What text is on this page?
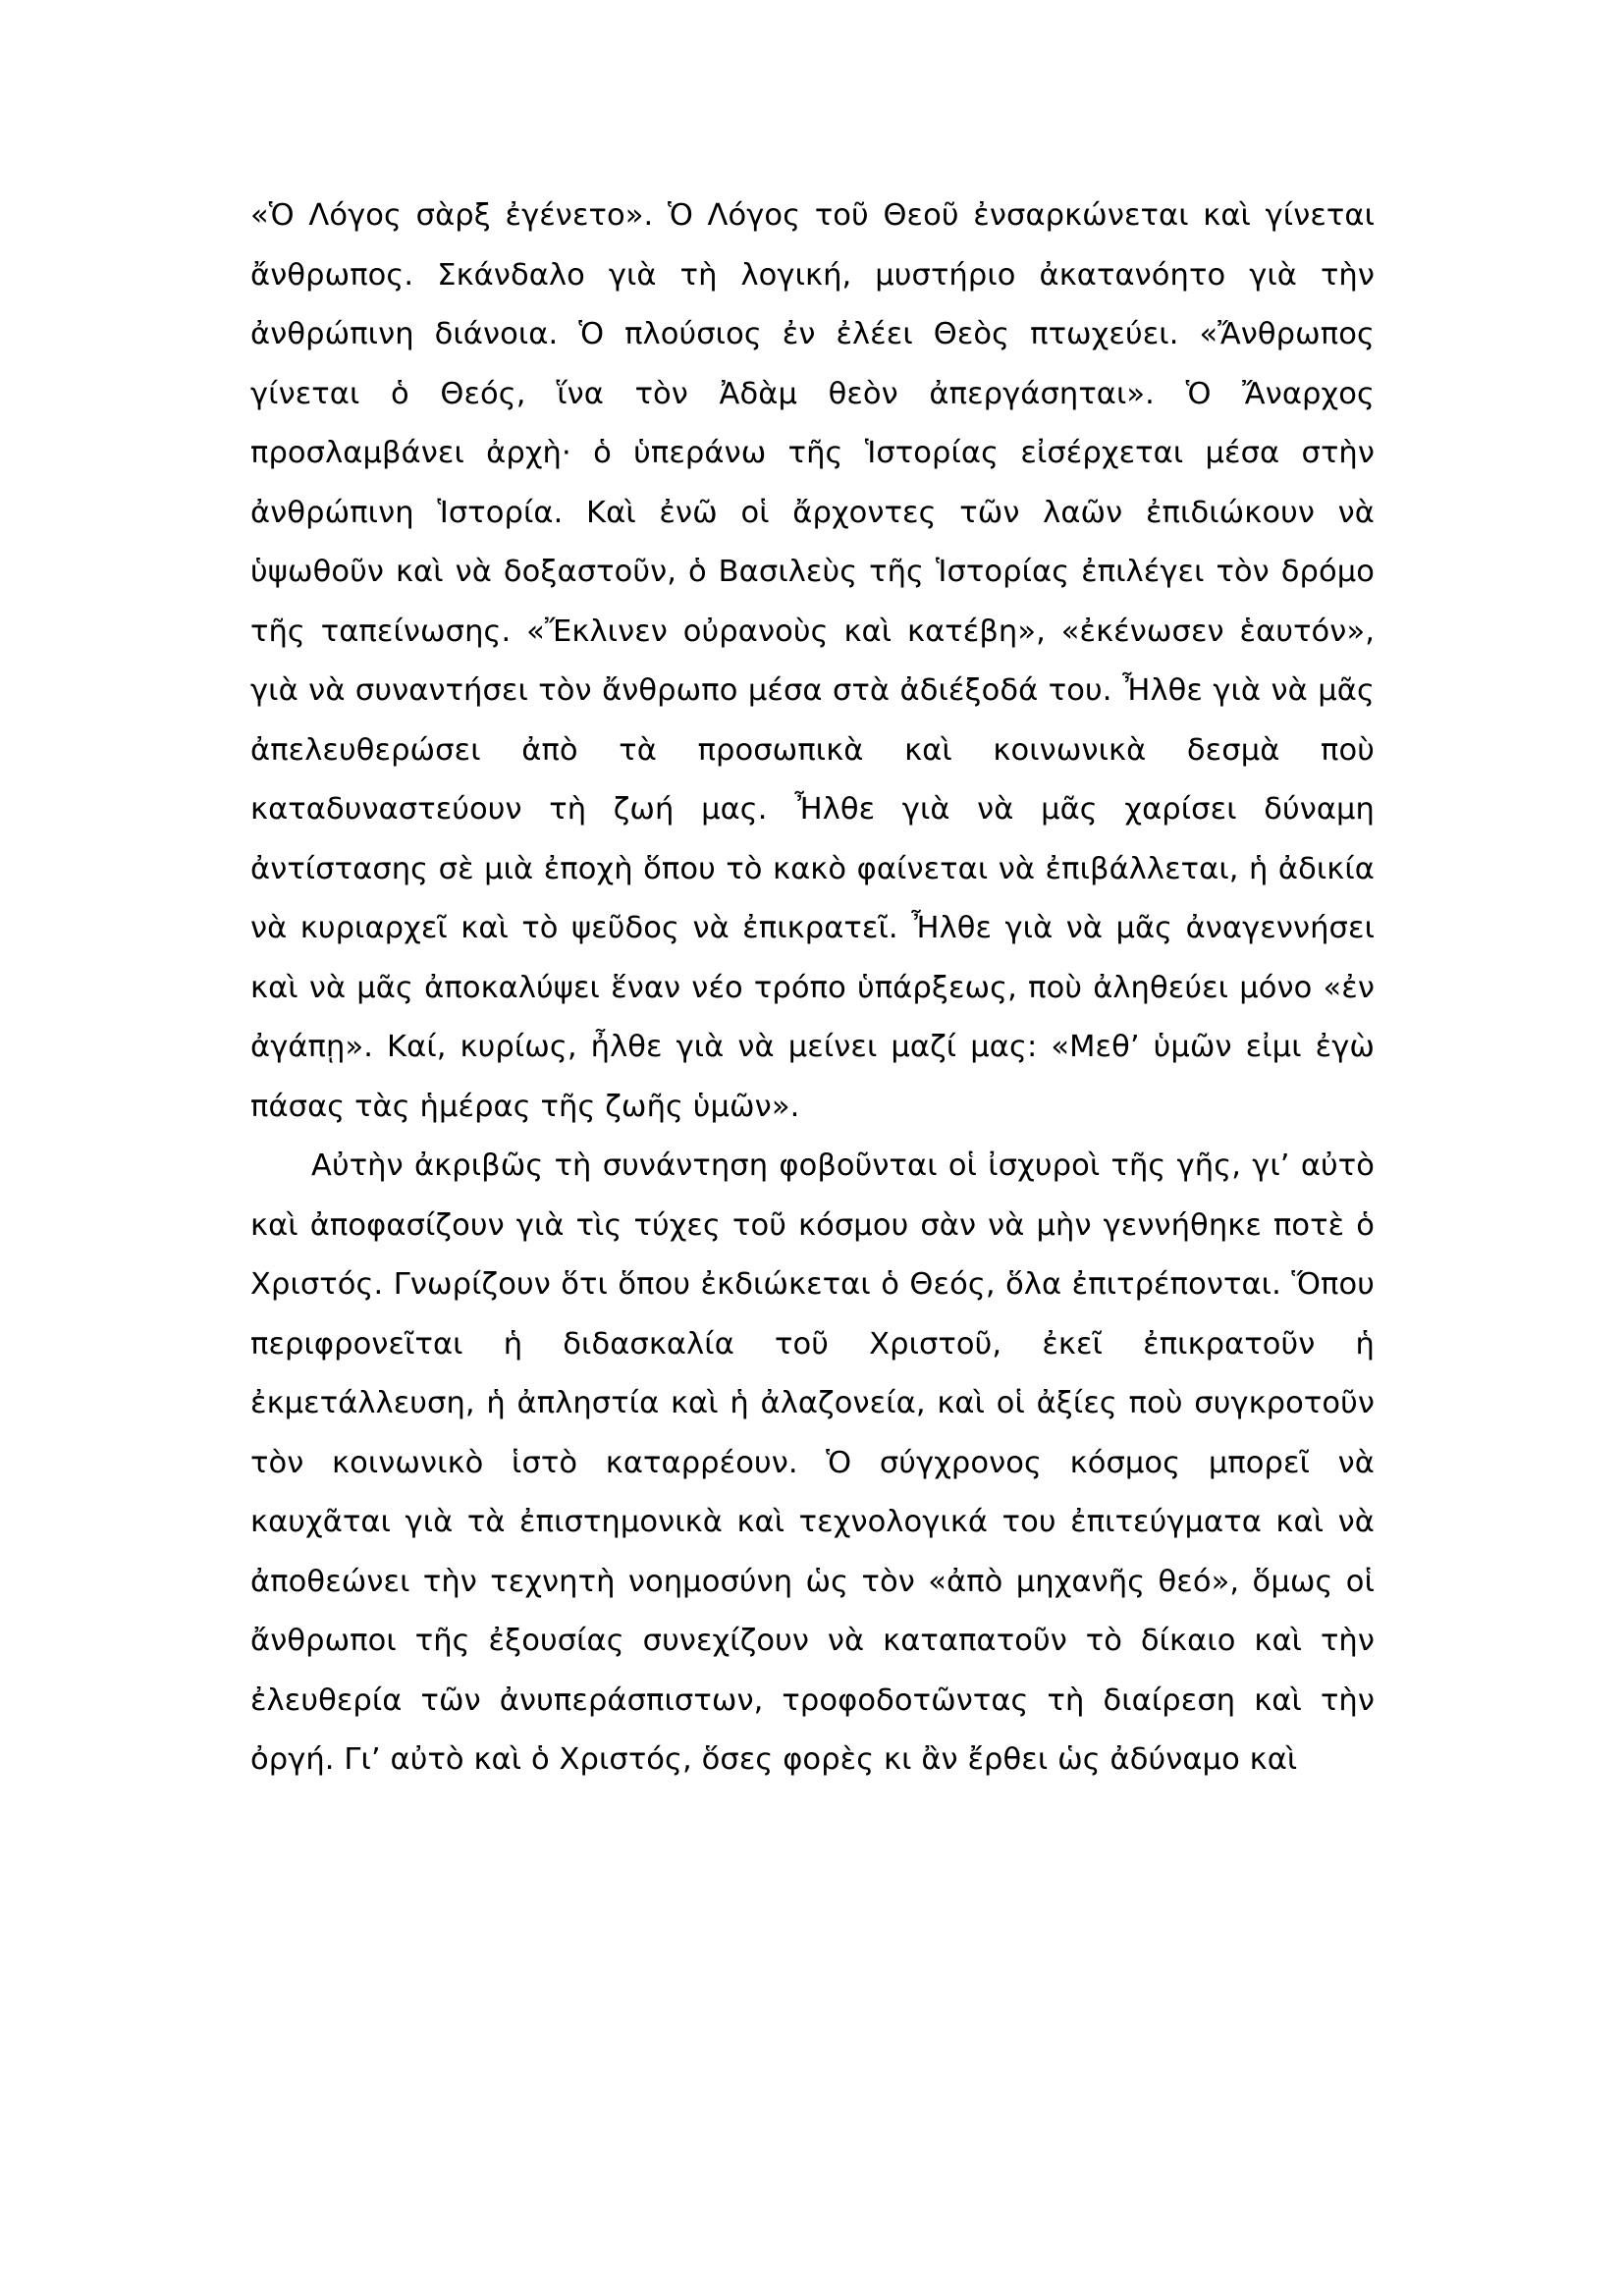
«Ὁ Λόγος σὰρξ ἐγένετο». Ὁ Λόγος τοῦ Θεοῦ ἐνσαρκώνεται καὶ γίνεται ἄνθρωπος. Σκάνδαλο γιὰ τὴ λογική, μυστήριο ἀκατανόητο γιὰ τὴν ἀνθρώπινη διάνοια. Ὁ πλούσιος ἐν ἐλέει Θεὸς πτωχεύει. «Ἄνθρωπος γίνεται ὁ Θεός, ἵνα τὸν Ἀδὰμ θεὸν ἀπεργάσηται». Ὁ Ἄναρχος προσλαμβάνει ἀρχὴ· ὁ ὑπεράνω τῆς Ἱστορίας εἰσέρχεται μέσα στὴν ἀνθρώπινη Ἱστορία. Καὶ ἐνῶ οἱ ἄρχοντες τῶν λαῶν ἐπιδιώκουν νὰ ὑψωθοῦν καὶ νὰ δοξαστοῦν, ὁ Βασιλεὺς τῆς Ἱστορίας ἐπιλέγει τὸν δρόμο τῆς ταπείνωσης. «Ἔκλινεν οὐρανοὺς καὶ κατέβη», «ἐκένωσεν ἑαυτόν», γιὰ νὰ συναντήσει τὸν ἄνθρωπο μέσα στὰ ἀδιέξοδά του. Ἦλθε γιὰ νὰ μᾶς ἀπελευθερώσει ἀπὸ τὰ προσωπικὰ καὶ κοινωνικὰ δεσμὰ ποὺ καταδυναστεύουν τὴ ζωή μας. Ἦλθε γιὰ νὰ μᾶς χαρίσει δύναμη ἀντίστασης σὲ μιὰ ἐποχὴ ὅπου τὸ κακὸ φαίνεται νὰ ἐπιβάλλεται, ἡ ἀδικία νὰ κυριαρχεῖ καὶ τὸ ψεῦδος νὰ ἐπικρατεῖ. Ἦλθε γιὰ νὰ μᾶς ἀναγεννήσει καὶ νὰ μᾶς ἀποκαλύψει ἕναν νέο τρόπο ὑπάρξεως, ποὺ ἀληθεύει μόνο «ἐν ἀγάπῃ». Καί, κυρίως, ἦλθε γιὰ νὰ μείνει μαζί μας: «Μεθ’ ὑμῶν εἰμι ἐγὼ πάσας τὰς ἡμέρας τῆς ζωῆς ὑμῶν».

Αὐτὴν ἀκριβῶς τὴ συνάντηση φοβοῦνται οἱ ἰσχυροὶ τῆς γῆς, γι’ αὐτὸ καὶ ἀποφασίζουν γιὰ τὶς τύχες τοῦ κόσμου σὰν νὰ μὴν γεννήθηκε ποτὲ ὁ Χριστός. Γνωρίζουν ὅτι ὅπου ἐκδιώκεται ὁ Θεός, ὅλα ἐπιτρέπονται. Ὅπου περιφρονεῖται ἡ διδασκαλία τοῦ Χριστοῦ, ἐκεῖ ἐπικρατοῦν ἡ ἐκμετάλλευση, ἡ ἀπληστία καὶ ἡ ἀλαζονεία, καὶ οἱ ἀξίες ποὺ συγκροτοῦν τὸν κοινωνικὸ ἱστὸ καταρρέουν. Ὁ σύγχρονος κόσμος μπορεῖ νὰ καυχᾶται γιὰ τὰ ἐπιστημονικὰ καὶ τεχνολογικά του ἐπιτεύγματα καὶ νὰ ἀποθεώνει τὴν τεχνητὴ νοημοσύνη ὡς τὸν «ἀπὸ μηχανῆς θεό», ὅμως οἱ ἄνθρωποι τῆς ἐξουσίας συνεχίζουν νὰ καταπατοῦν τὸ δίκαιο καὶ τὴν ἐλευθερία τῶν ἀνυπεράσπιστων, τροφοδοτῶντας τὴ διαίρεση καὶ τὴν ὀργή. Γι’ αὐτὸ καὶ ὁ Χριστός, ὅσες φορὲς κι ἂν ἔρθει ὡς ἀδύναμο καὶ
